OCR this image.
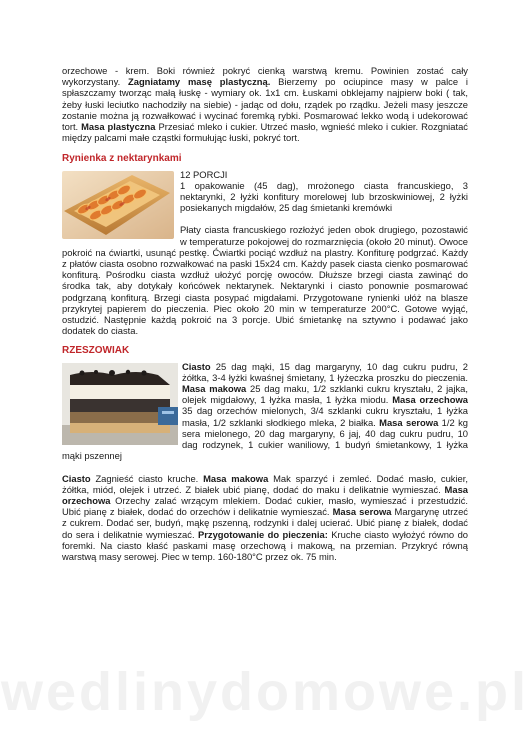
orzechowe - krem. Boki również pokryć cienką warstwą kremu. Powinien zostać cały wykorzystany. Zagniatamy masę plastyczną. Bierzemy po ociupince masy w palce i spłaszczamy tworząc małą łuskę - wymiary ok. 1x1 cm. Łuskami obklejamy najpierw boki ( tak, żeby łuski leciutko nachodziły na siebie) - jadąc od dołu, rządek po rządku. Jeżeli masy jeszcze zostanie można ją rozwałkować i wycinać foremką rybki. Posmarować lekko wodą i udekorować tort. Masa plastyczna Przesiać mleko i cukier. Utrzeć masło, wgnieść mleko i cukier. Rozgniatać między palcami małe cząstki formułując łuski, pokryć tort.

Rynienka z nektarynkami

12 PORCJI

1 opakowanie (45 dag), mrożonego ciasta francuskiego, 3 nektarynki, 2 łyżki konfitury morelowej lub brzoskwiniowej, 2 łyżki posiekanych migdałów, 25 dag śmietanki kremówki

Płaty ciasta francuskiego rozłożyć jeden obok drugiego, pozostawić w temperaturze pokojowej do rozmarznięcia (około 20 minut). Owoce pokroić na ćwiartki, usunąć pestkę. Ćwiartki pociąć wzdłuż na plastry. Konfiturę podgrzać. Każdy z płatów ciasta osobno rozwałkować na paski 15x24 cm. Każdy pasek ciasta cienko posmarować konfiturą. Pośrodku ciasta wzdłuż ułożyć porcję owoców. Dłuższe brzegi ciasta zawinąć do środka tak, aby dotykały końcówek nektarynek. Nektarynki i ciasto ponownie posmarować podgrzaną konfiturą. Brzegi ciasta posypać migdałami. Przygotowane rynienki ułóż na blasze przykrytej papierem do pieczenia. Piec około 20 min w temperaturze 200°C. Gotowe wyjąć, ostudzić. Następnie każdą pokroić na 3 porcje. Ubić śmietankę na sztywno i podawać jako dodatek do ciasta.

RZESZOWIAK

Ciasto 25 dag mąki, 15 dag margaryny, 10 dag cukru pudru, 2 żółtka, 3-4 łyżki kwaśnej śmietany, 1 łyżeczka proszku do pieczenia. Masa makowa 25 dag maku, 1/2 szklanki cukru kryształu, 2 jajka, olejek migdałowy, 1 łyżka masła, 1 łyżka miodu. Masa orzechowa 35 dag orzechów mielonych, 3/4 szklanki cukru kryształu, 1 łyżka masła, 1/2 szklanki słodkiego mleka, 2 białka. Masa serowa 1/2 kg sera mielonego, 20 dag margaryny, 6 jaj, 40 dag cukru pudru, 10 dag rodzynek, 1 cukier waniliowy, 1 budyń śmietankowy, 1 łyżka mąki pszennej

Ciasto Zagnieść ciasto kruche. Masa makowa Mak sparzyć i zemleć. Dodać masło, cukier, żółtka, miód, olejek i utrzeć. Z białek ubić pianę, dodać do maku i delikatnie wymieszać. Masa orzechowa Orzechy zalać wrzącym mlekiem. Dodać cukier, masło, wymieszać i przestudzić. Ubić pianę z białek, dodać do orzechów i delikatnie wymieszać. Masa serowa Margarynę utrzeć z cukrem. Dodać ser, budyń, mąkę pszenną, rodzynki i dalej ucierać. Ubić pianę z białek, dodać do sera i delikatnie wymieszać. Przygotowanie do pieczenia: Kruche ciasto wyłożyć równo do foremki. Na ciasto kłaść paskami masę orzechową i makową, na przemian. Przykryć równą warstwą masy serowej. Piec w temp. 160-180°C przez ok. 75 min.

wedlinydomowe.pl
